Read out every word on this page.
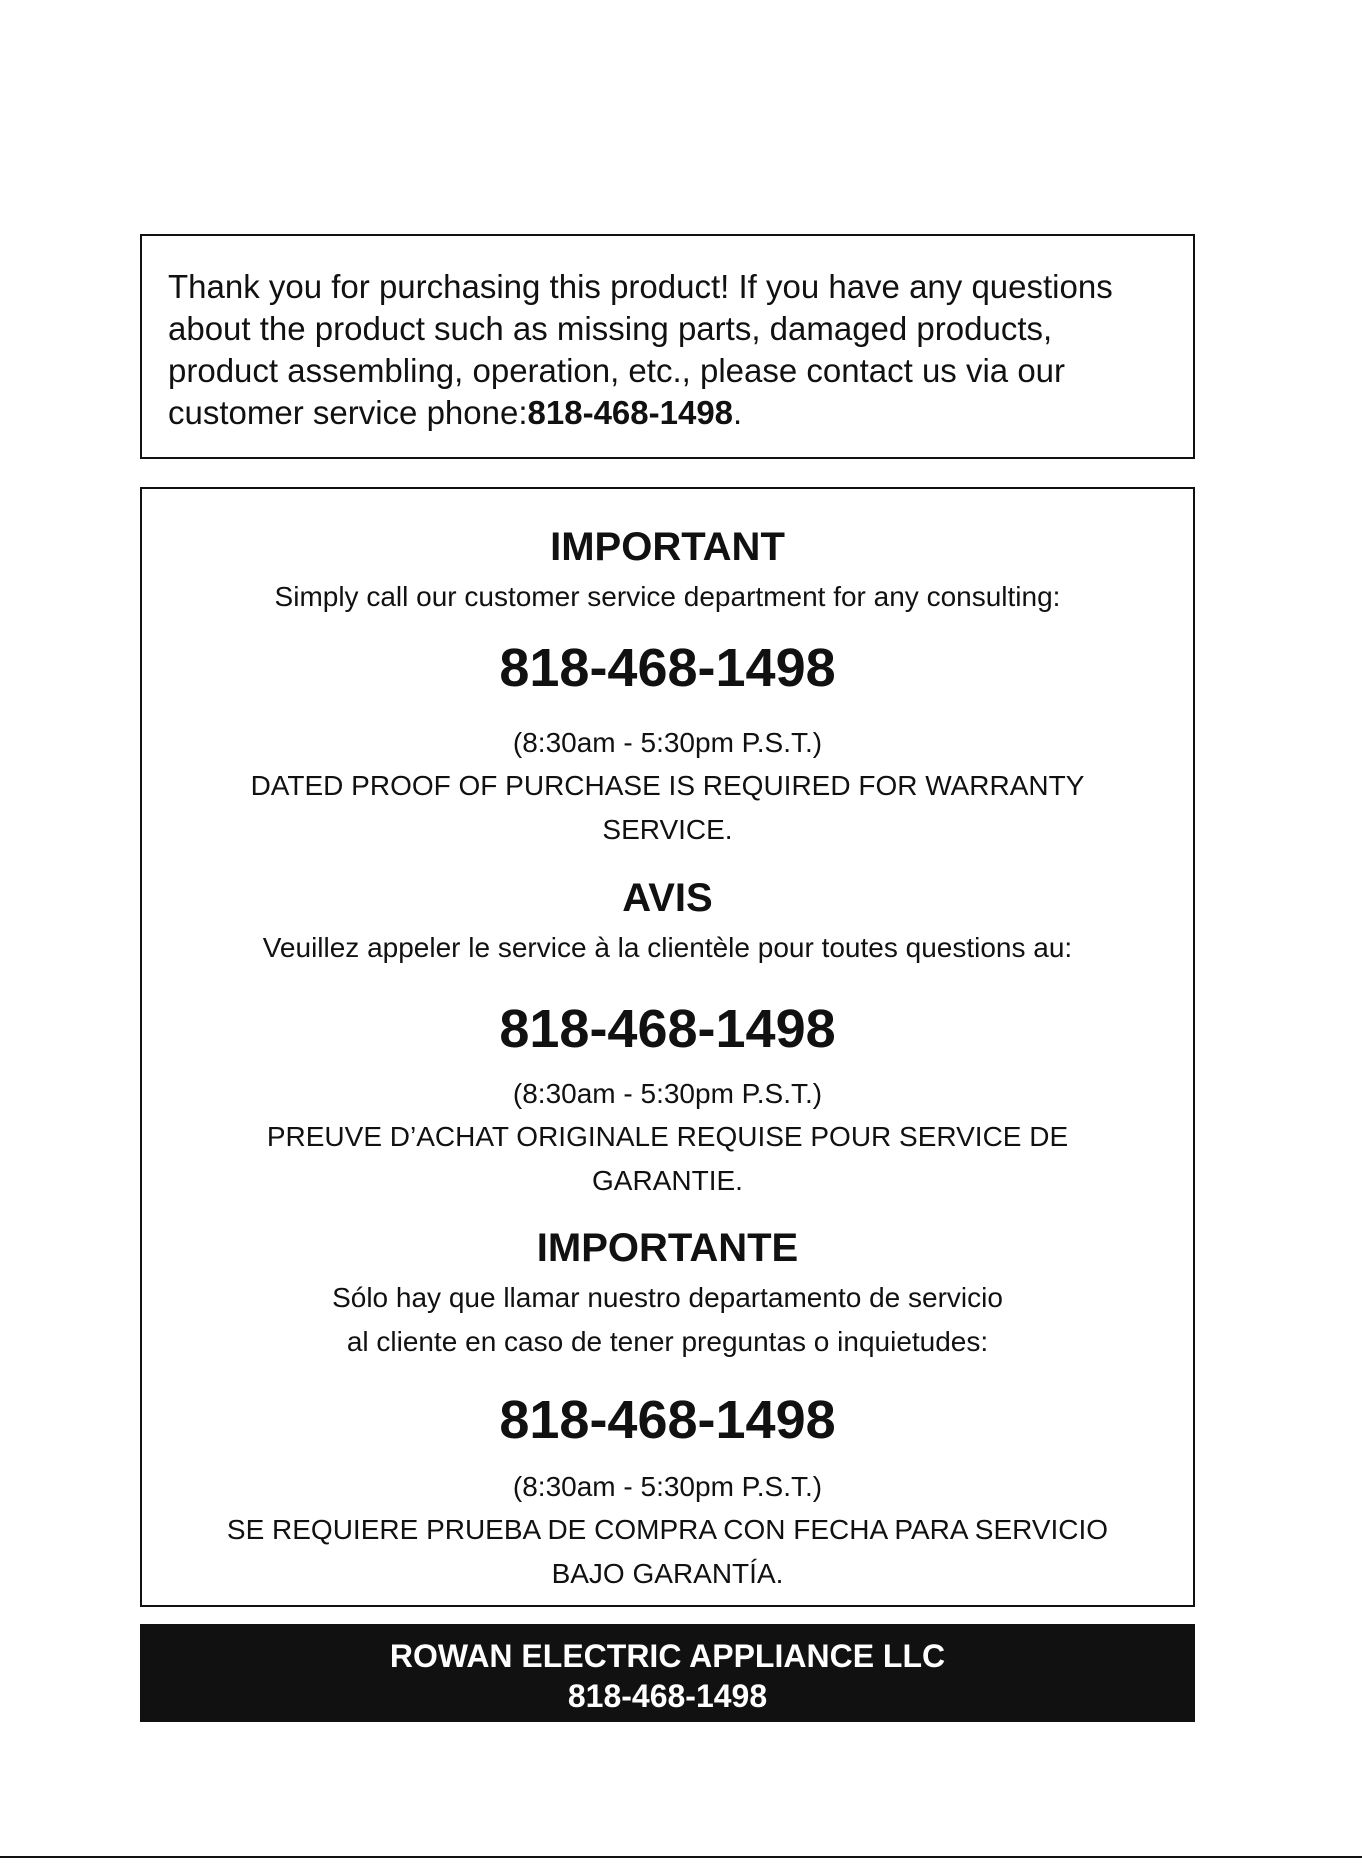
Thank you for purchasing this product! If you have any questions about the product such as missing parts, damaged products, product assembling, operation, etc., please contact us via our customer service phone:818-468-1498.

IMPORTANT
Simply call our customer service department for any consulting:
818-468-1498
(8:30am - 5:30pm P.S.T.)
DATED PROOF OF PURCHASE IS REQUIRED FOR WARRANTY
SERVICE.
AVIS
Veuillez appeler le service à la clientèle pour toutes questions au:
818-468-1498
(8:30am - 5:30pm P.S.T.)
PREUVE D’ACHAT ORIGINALE REQUISE POUR SERVICE DE
GARANTIE.
IMPORTANTE
Sólo hay que llamar nuestro departamento de servicio
al cliente en caso de tener preguntas o inquietudes:
818-468-1498
(8:30am - 5:30pm P.S.T.)
SE REQUIERE PRUEBA DE COMPRA CON FECHA PARA SERVICIO
BAJO GARANTÍA.
ROWAN ELECTRIC APPLIANCE LLC
818-468-1498
